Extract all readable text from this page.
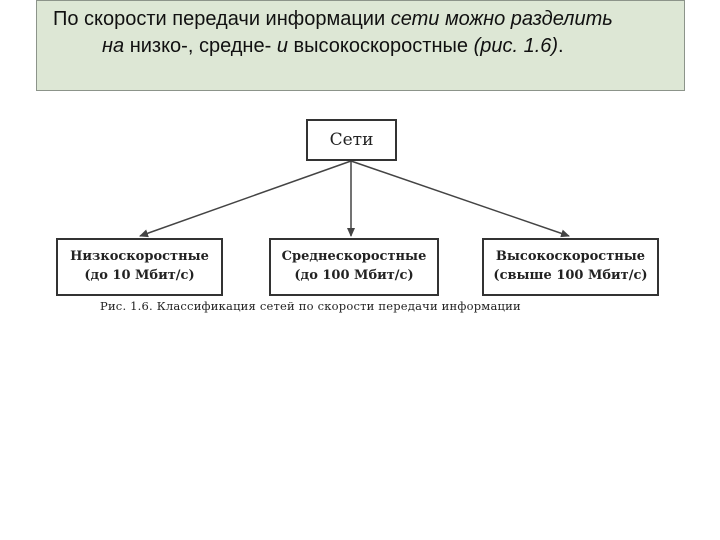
По скорости передачи информации сети можно разделить
на низко-, средне- и высокоскоростные (рис. 1.6).
Сети
Низкоскоростные
(до 10 Мбит/с)
Среднескоростные
(до 100 Мбит/с)
Высокоскоростные
(свыше 100 Мбит/с)
Рис. 1.6. Классификация сетей по скорости передачи информации
